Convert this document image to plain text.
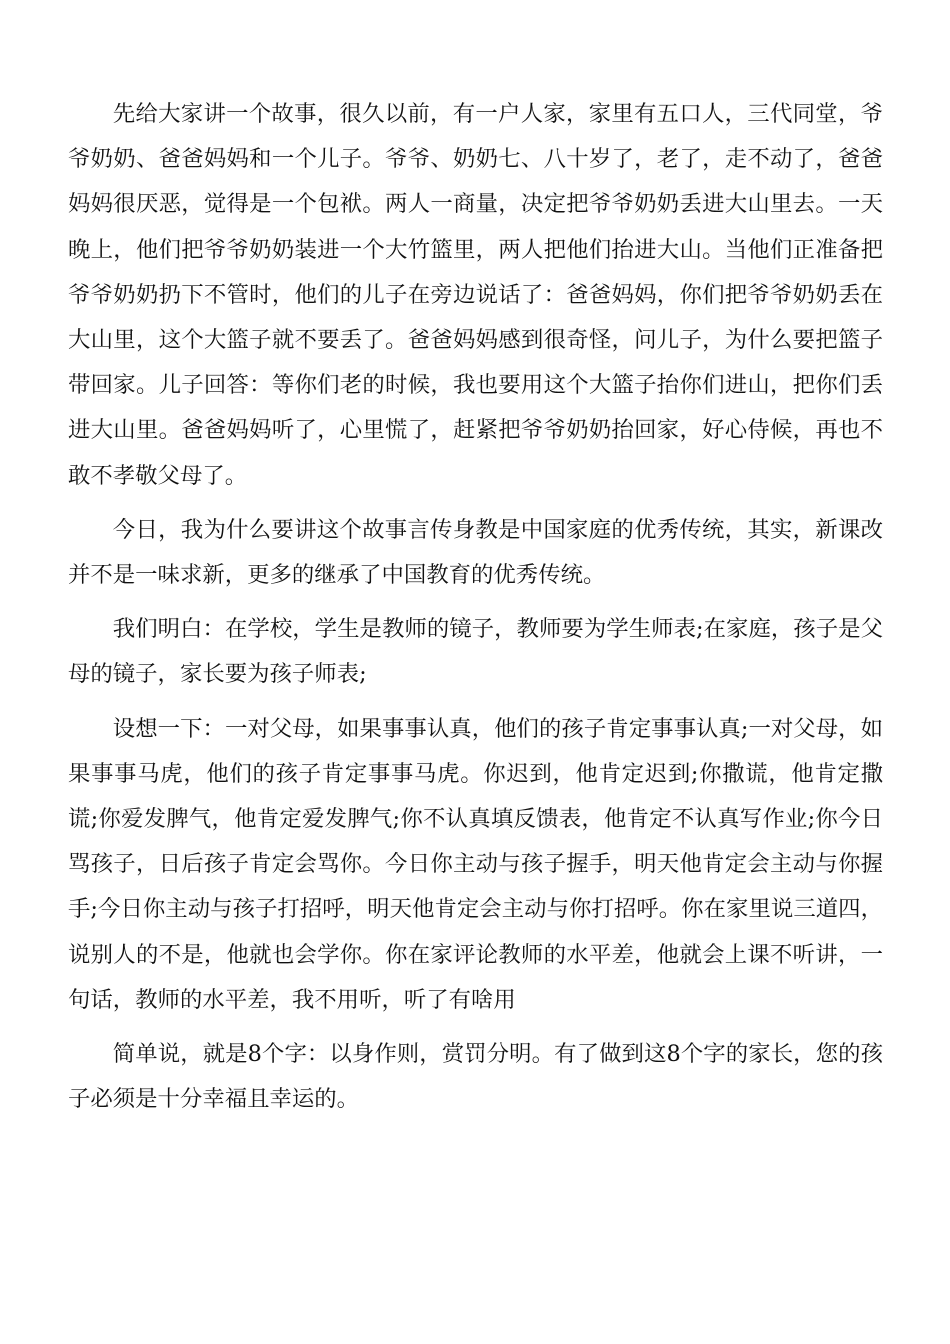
先给大家讲一个故事，很久以前，有一户人家，家里有五口人，三代同堂，爷爷奶奶、爸爸妈妈和一个儿子。爷爷、奶奶七、八十岁了，老了，走不动了，爸爸妈妈很厌恶，觉得是一个包袱。两人一商量，决定把爷爷奶奶丢进大山里去。一天晚上，他们把爷爷奶奶装进一个大竹篮里，两人把他们抬进大山。当他们正准备把爷爷奶奶扔下不管时，他们的儿子在旁边说话了：爸爸妈妈，你们把爷爷奶奶丢在大山里，这个大篮子就不要丢了。爸爸妈妈感到很奇怪，问儿子，为什么要把篮子带回家。儿子回答：等你们老的时候，我也要用这个大篮子抬你们进山，把你们丢进大山里。爸爸妈妈听了，心里慌了，赶紧把爷爷奶奶抬回家，好心侍候，再也不敢不孝敬父母了。

今日，我为什么要讲这个故事言传身教是中国家庭的优秀传统，其实，新课改并不是一味求新，更多的继承了中国教育的优秀传统。

我们明白：在学校，学生是教师的镜子，教师要为学生师表;在家庭，孩子是父母的镜子，家长要为孩子师表;

设想一下：一对父母，如果事事认真，他们的孩子肯定事事认真;一对父母，如果事事马虎，他们的孩子肯定事事马虎。你迟到，他肯定迟到;你撒谎，他肯定撒谎;你爱发脾气，他肯定爱发脾气;你不认真填反馈表，他肯定不认真写作业;你今日骂孩子，日后孩子肯定会骂你。今日你主动与孩子握手，明天他肯定会主动与你握手;今日你主动与孩子打招呼，明天他肯定会主动与你打招呼。你在家里说三道四，说别人的不是，他就也会学你。你在家评论教师的水平差，他就会上课不听讲，一句话，教师的水平差，我不用听，听了有啥用

简单说，就是8个字：以身作则，赏罚分明。有了做到这8个字的家长，您的孩子必须是十分幸福且幸运的。
